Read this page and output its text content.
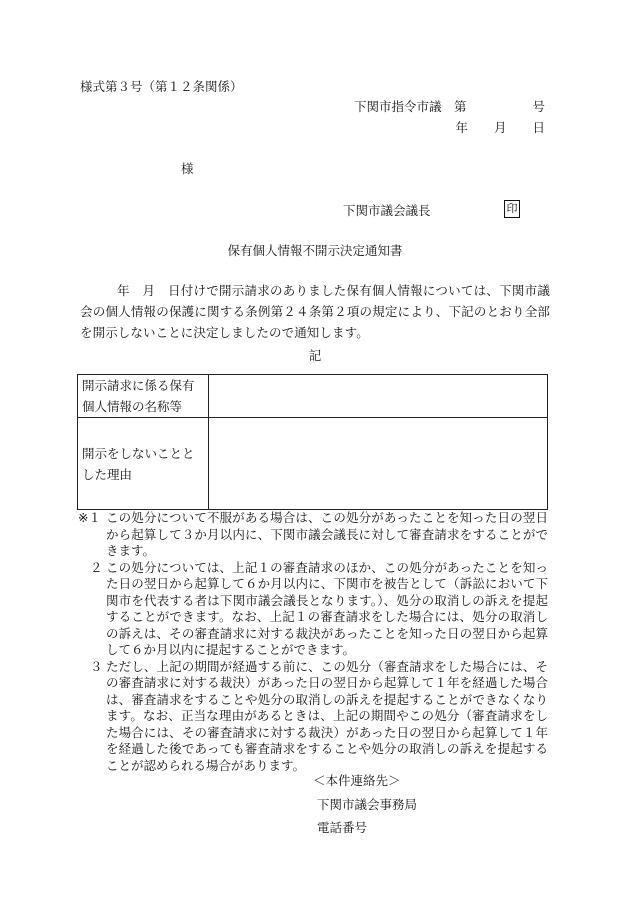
様式第３号（第１２条関係）
下関市指令市議　第	号
年 月 日
様
下関市議会議長	印
保有個人情報不開示決定通知書
年　月　日付けで開示請求のありました保有個人情報については、下関市議会の個人情報の保護に関する条例第２４条第２項の規定により、下記のとおり全部を開示しないことに決定しましたので通知します。
記
開示請求に係る保有個人情報の名称等	
開示をしないこととした理由	
※１ この処分について不服がある場合は、この処分があったことを知った日の翌日から起算して３か月以内に、下関市議会議長に対して審査請求をすることができます。
２ この処分については、上記１の審査請求のほか、この処分があったことを知った日の翌日から起算して６か月以内に、下関市を被告として（訴訟において下関市を代表する者は下関市議会議長となります。）、処分の取消しの訴えを提起することができます。なお、上記１の審査請求をした場合には、処分の取消しの訴えは、その審査請求に対する裁決があったことを知った日の翌日から起算して６か月以内に提起することができます。
３ ただし、上記の期間が経過する前に、この処分（審査請求をした場合には、その審査請求に対する裁決）があった日の翌日から起算して１年を経過した場合は、審査請求をすることや処分の取消しの訴えを提起することができなくなります。なお、正当な理由があるときは、上記の期間やこの処分（審査請求をした場合には、その審査請求に対する裁決）があった日の翌日から起算して１年を経過した後であっても審査請求をすることや処分の取消しの訴えを提起することが認められる場合があります。
＜本件連絡先＞
下関市議会事務局
電話番号
